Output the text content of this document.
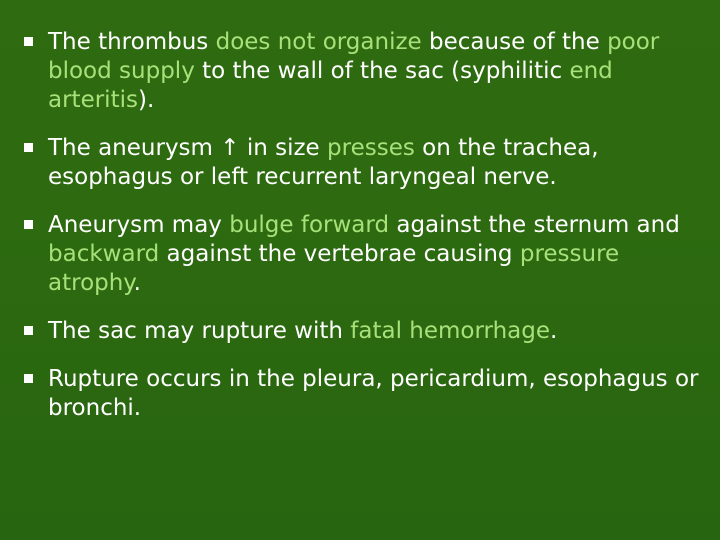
The thrombus does not organize because of the poor blood supply to the wall of the sac (syphilitic end arteritis).
The aneurysm ↑ in size presses on the trachea, esophagus or left recurrent laryngeal nerve.
Aneurysm may bulge forward against the sternum and backward against the vertebrae causing pressure atrophy.
The sac may rupture with fatal hemorrhage.
Rupture occurs in the pleura, pericardium, esophagus or bronchi.
